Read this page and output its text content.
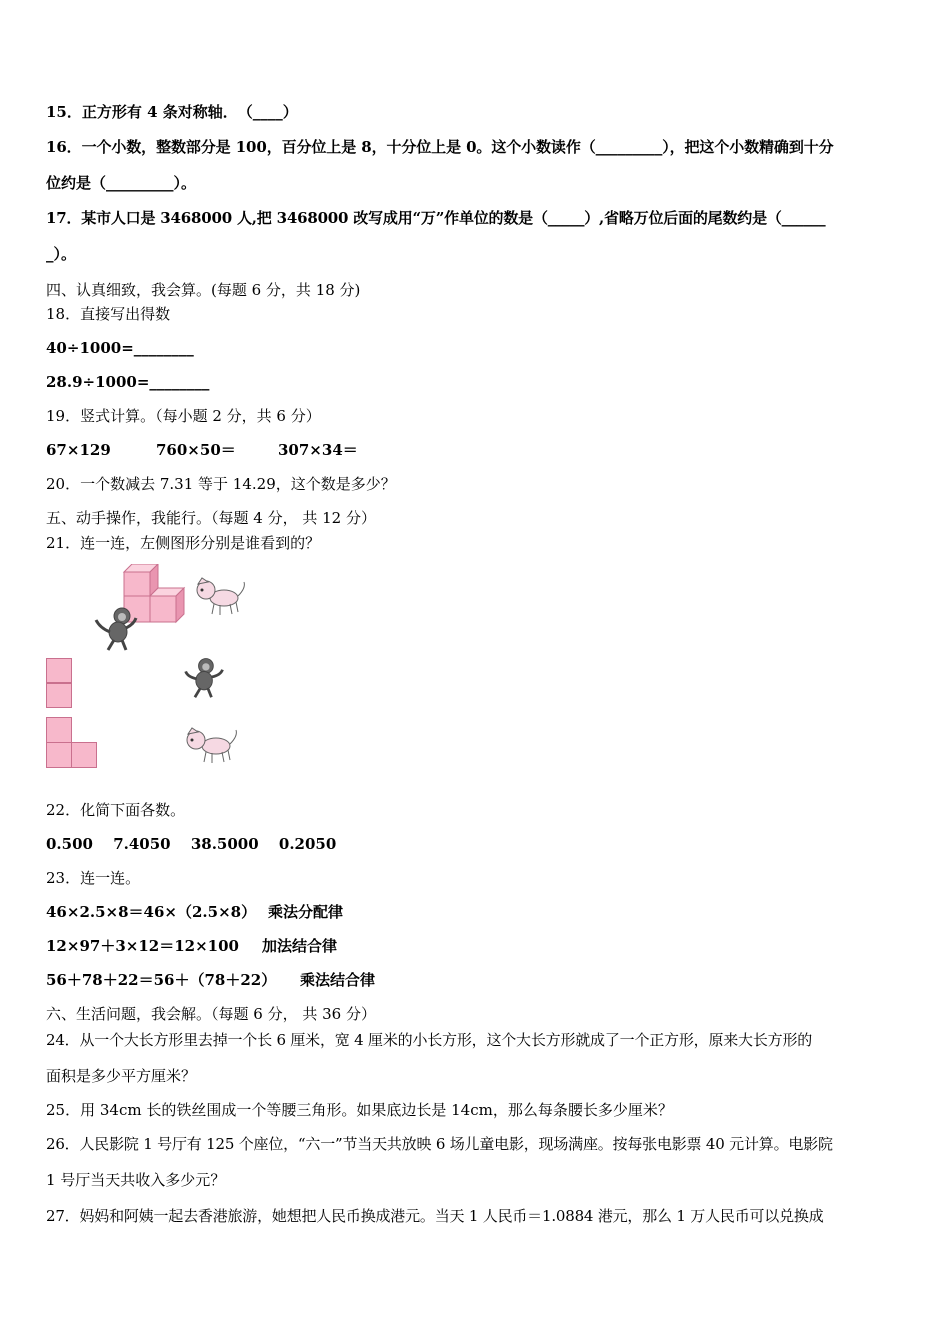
15．正方形有 4 条对称轴．　（____）
16．一个小数，整数部分是 100，百分位上是 8，十分位上是 0。这个小数读作（_________），把这个小数精确到十分
位约是（_________）。
17．某市人口是 3468000 人,把 3468000 改写成用“万”作单位的数是（_____）,省略万位后面的尾数约是（______
_）。
四、认真细致，我会算。(每题 6 分，共 18 分)
18．直接写出得数
40÷1000=________
28.9÷1000=________
19．竖式计算。（每小题 2 分，共 6 分）
67×129	760×50＝	307×34＝
20．一个数减去 7.31 等于 14.29，这个数是多少？
五、动手操作，我能行。（每题 4 分， 共 12 分）
21．连一连，左侧图形分别是谁看到的？
22．化简下面各数。
0.500　 7.4050　 38.5000　 0.2050
23．连一连。
46×2.5×8＝46×（2.5×8） 乘法分配律
12×97＋3×12＝12×100 加法结合律
56＋78＋22＝56＋（78＋22） 乘法结合律
六、生活问题，我会解。（每题 6 分， 共 36 分）
24．从一个大长方形里去掉一个长 6 厘米，宽 4 厘米的小长方形，这个大长方形就成了一个正方形，原来大长方形的
面积是多少平方厘米？
25．用 34cm 长的铁丝围成一个等腰三角形。如果底边长是 14cm，那么每条腰长多少厘米？
26．人民影院 1 号厅有 125 个座位，“六一”节当天共放映 6 场儿童电影，现场满座。按每张电影票 40 元计算。电影院
1 号厅当天共收入多少元？
27．妈妈和阿姨一起去香港旅游，她想把人民币换成港元。当天 1 人民币＝1.0884 港元，那么 1 万人民币可以兑换成
